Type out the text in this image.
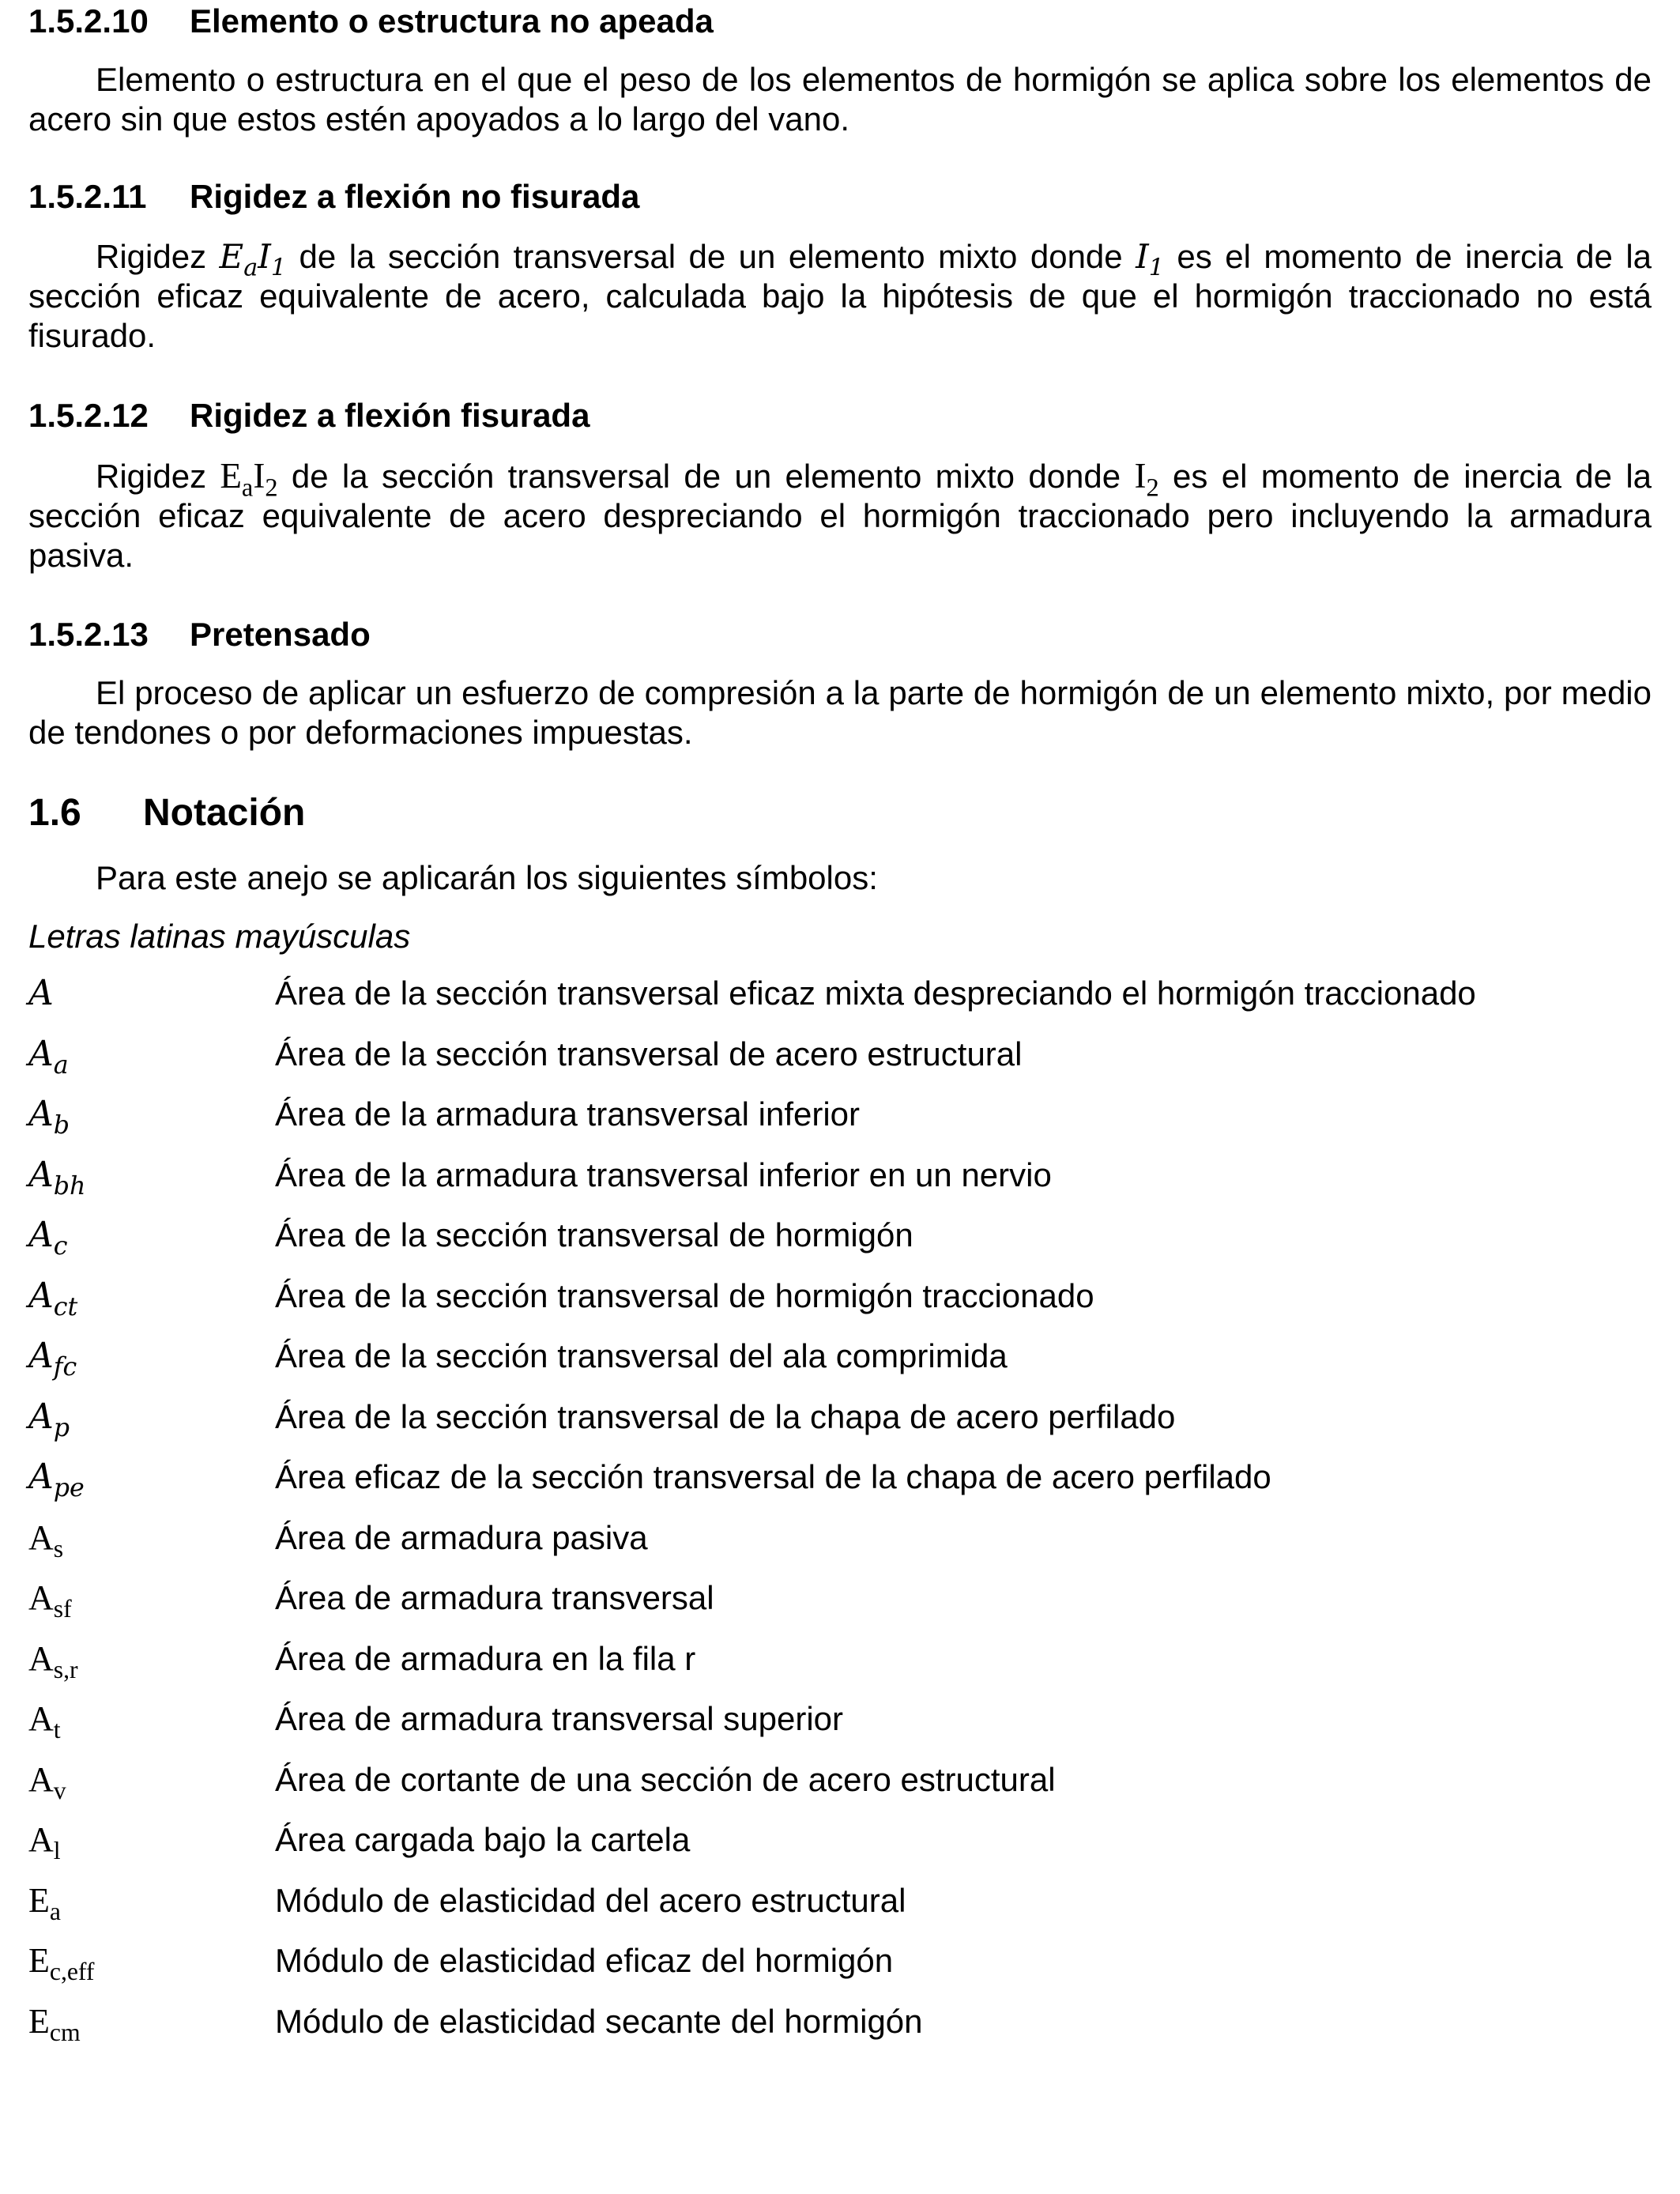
1.5.2.10 Elemento o estructura no apeada
Elemento o estructura en el que el peso de los elementos de hormigón se aplica sobre los elementos de acero sin que estos estén apoyados a lo largo del vano.
1.5.2.11 Rigidez a flexión no fisurada
Rigidez $E_aI_1$ de la sección transversal de un elemento mixto donde $I_1$ es el momento de inercia de la sección eficaz equivalente de acero, calculada bajo la hipótesis de que el hormigón traccionado no está fisurado.
1.5.2.12 Rigidez a flexión fisurada
Rigidez $E_aI_2$ de la sección transversal de un elemento mixto donde $I_2$ es el momento de inercia de la sección eficaz equivalente de acero despreciando el hormigón traccionado pero incluyendo la armadura pasiva.
1.5.2.13 Pretensado
El proceso de aplicar un esfuerzo de compresión a la parte de hormigón de un elemento mixto, por medio de tendones o por deformaciones impuestas.
1.6 Notación
Para este anejo se aplicarán los siguientes símbolos:
Letras latinas mayúsculas
A	Área de la sección transversal eficaz mixta despreciando el hormigón traccionado
$A_a$	Área de la sección transversal de acero estructural
$A_b$	Área de la armadura transversal inferior
$A_{bh}$	Área de la armadura transversal inferior en un nervio
$A_c$	Área de la sección transversal de hormigón
$A_{ct}$	Área de la sección transversal de hormigón traccionado
$A_{fc}$	Área de la sección transversal del ala comprimida
$A_p$	Área de la sección transversal de la chapa de acero perfilado
$A_{pe}$	Área eficaz de la sección transversal de la chapa de acero perfilado
$A_s$	Área de armadura pasiva
$A_{sf}$	Área de armadura transversal
$A_{s,r}$	Área de armadura en la fila r
$A_t$	Área de armadura transversal superior
$A_v$	Área de cortante de una sección de acero estructural
$A_l$	Área cargada bajo la cartela
$E_a$	Módulo de elasticidad del acero estructural
$E_{c,eff}$	Módulo de elasticidad eficaz del hormigón
$E_{cm}$	Módulo de elasticidad secante del hormigón
